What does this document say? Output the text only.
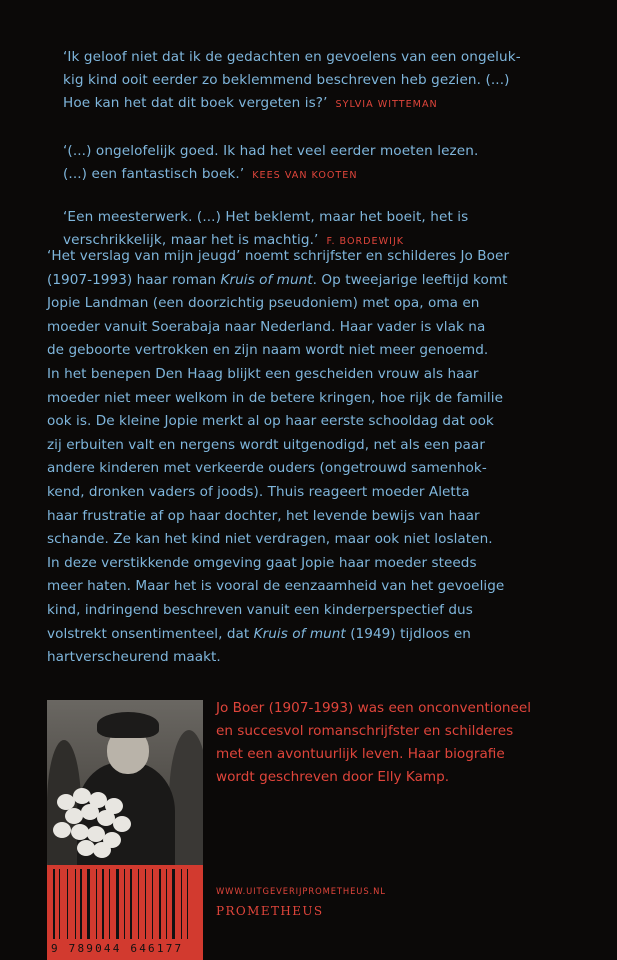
‘Ik geloof niet dat ik de gedachten en gevoelens van een ongeluk-
kig kind ooit eerder zo beklemmend beschreven heb gezien. (...)
Hoe kan het dat dit boek vergeten is?’ SYLVIA WITTEMAN
‘(...) ongelofelijk goed. Ik had het veel eerder moeten lezen.
(...) een fantastisch boek.’ KEES VAN KOOTEN
‘Een meesterwerk. (...) Het beklemt, maar het boeit, het is
verschrikkelijk, maar het is machtig.’ F. BORDEWIJK

‘Het verslag van mijn jeugd’ noemt schrijfster en schilderes Jo Boer

(1907-1993) haar roman Kruis of munt. Op tweejarige leeftijd komt

Jopie Landman (een doorzichtig pseudoniem) met opa, oma en

moeder vanuit Soerabaja naar Nederland. Haar vader is vlak na

de geboorte vertrokken en zijn naam wordt niet meer genoemd.

In het benepen Den Haag blijkt een gescheiden vrouw als haar

moeder niet meer welkom in de betere kringen, hoe rijk de familie

ook is. De kleine Jopie merkt al op haar eerste schooldag dat ook

zij erbuiten valt en nergens wordt uitgenodigd, net als een paar

andere kinderen met verkeerde ouders (ongetrouwd samenhok-

kend, dronken vaders of joods). Thuis reageert moeder Aletta

haar frustratie af op haar dochter, het levende bewijs van haar

schande. Ze kan het kind niet verdragen, maar ook niet loslaten.

In deze verstikkende omgeving gaat Jopie haar moeder steeds

meer haten. Maar het is vooral de eenzaamheid van het gevoelige

kind, indringend beschreven vanuit een kinderperspectief dus

volstrekt onsentimenteel, dat Kruis of munt (1949) tijdloos en

hartverscheurend maakt.

9 789044 646177
Jo Boer (1907-1993) was een onconventioneel
en succesvol romanschrijfster en schilderes
met een avontuurlijk leven. Haar biografie
wordt geschreven door Elly Kamp.
WWW.UITGEVERIJPROMETHEUS.NL
PROMETHEUS
